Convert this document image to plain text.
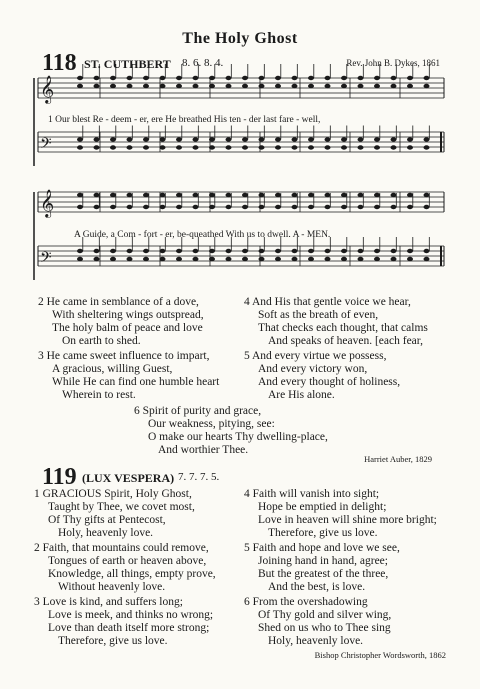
The Holy Ghost
118 ST. CUTHBERT 8. 6. 8. 4.	Rev. John B. Dykes, 1861
𝄞
𝄢
𝄞
𝄢
1 Our blest Re - deem - er, ere He breathed His ten - der last fare - well,
A Guide, a Com - fort - er, be-queathed With us to dwell. A - MEN.
2 He came in semblance of a dove,
With sheltering wings outspread,
The holy balm of peace and love
On earth to shed.
3 He came sweet influence to impart,
A gracious, willing Guest,
While He can find one humble heart
Wherein to rest.
4 And His that gentle voice we hear,
Soft as the breath of even,
That checks each thought, that calms
And speaks of heaven. [each fear,
5 And every virtue we possess,
And every victory won,
And every thought of holiness,
Are His alone.
6 Spirit of purity and grace,
Our weakness, pitying, see:
O make our hearts Thy dwelling-place,
And worthier Thee.
Harriet Auber, 1829
119 (LUX VESPERA) 7. 7. 7. 5.
1 GRACIOUS Spirit, Holy Ghost,
Taught by Thee, we covet most,
Of Thy gifts at Pentecost,
Holy, heavenly love.
2 Faith, that mountains could remove,
Tongues of earth or heaven above,
Knowledge, all things, empty prove,
Without heavenly love.
3 Love is kind, and suffers long;
Love is meek, and thinks no wrong;
Love than death itself more strong;
Therefore, give us love.
4 Faith will vanish into sight;
Hope be emptied in delight;
Love in heaven will shine more bright;
Therefore, give us love.
5 Faith and hope and love we see,
Joining hand in hand, agree;
But the greatest of the three,
And the best, is love.
6 From the overshadowing
Of Thy gold and silver wing,
Shed on us who to Thee sing
Holy, heavenly love.
Bishop Christopher Wordsworth, 1862
